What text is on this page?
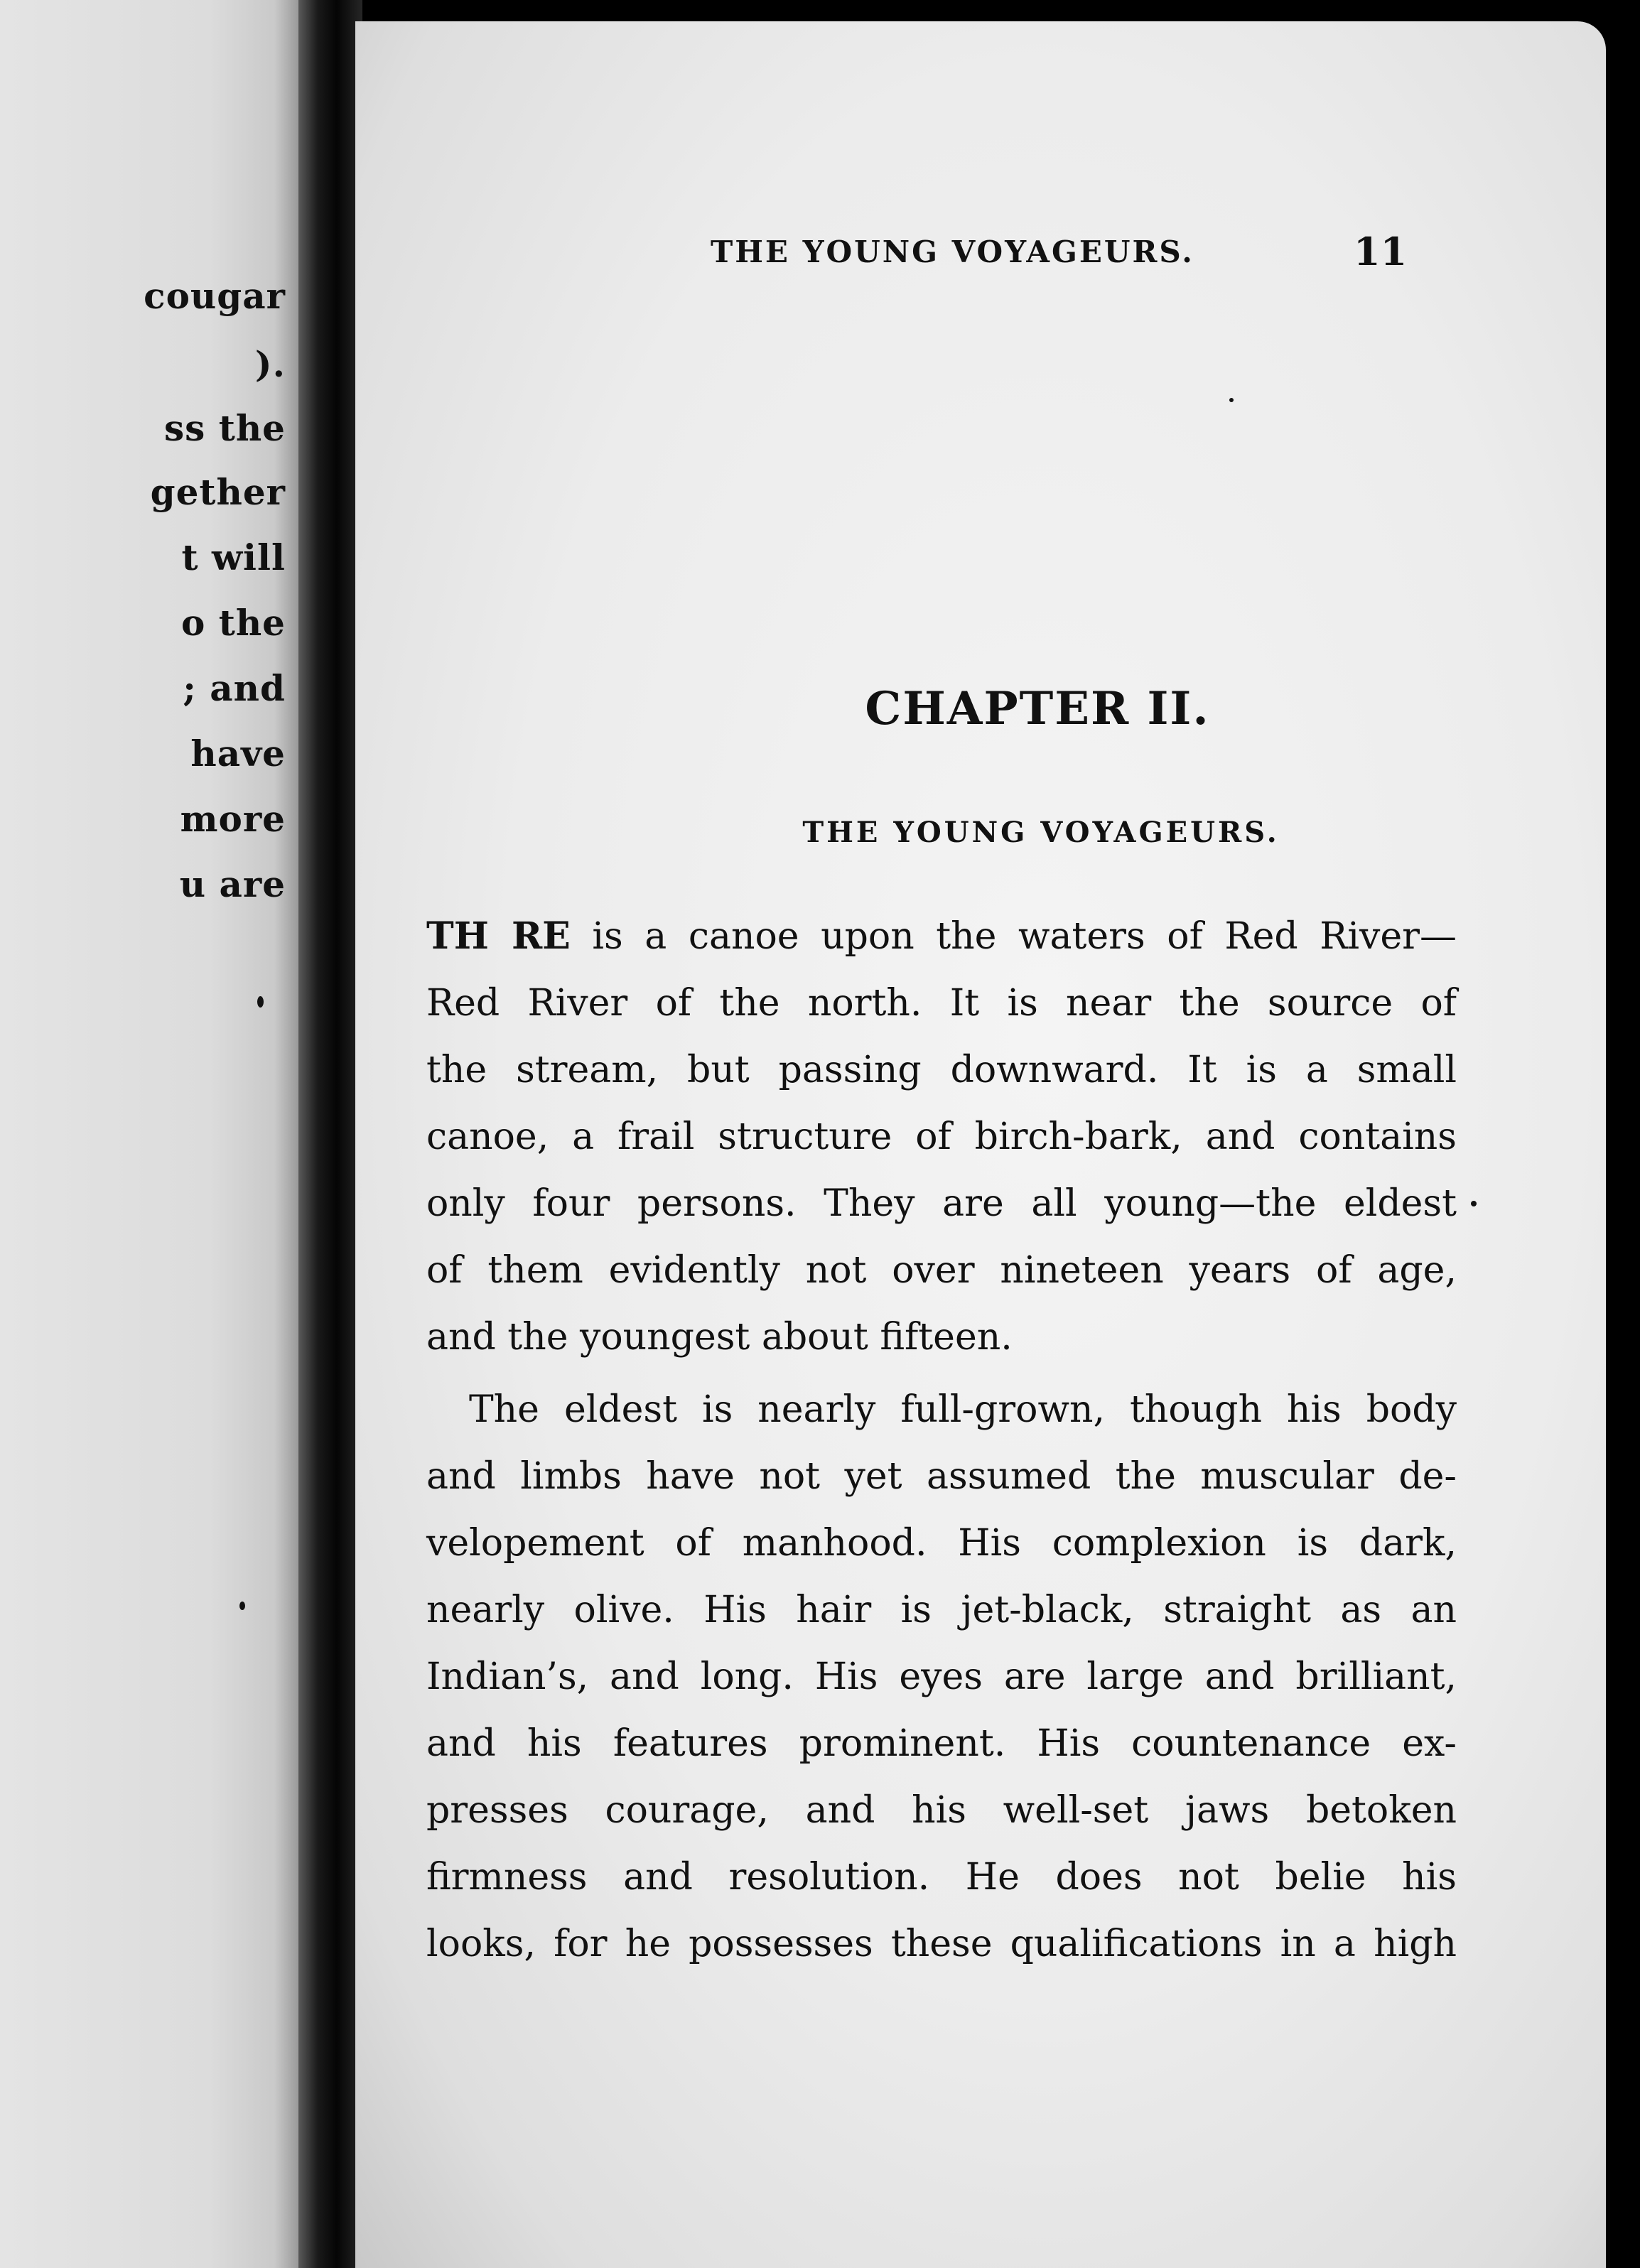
cougar
).
ss the
gether
t will
o the
; and
have
more
u are
THE YOUNG VOYAGEURS.	11
CHAPTER II.
THE YOUNG VOYAGEURS.
TH RE is a canoe upon the waters of Red River—
Red River of the north. It is near the source of
the stream, but passing downward. It is a small
canoe, a frail structure of birch-bark, and contains
only four persons. They are all young—the eldest
of them evidently not over nineteen years of age,
and the youngest about fifteen.
The eldest is nearly full-grown, though his body
and limbs have not yet assumed the muscular de-
velopement of manhood. His complexion is dark,
nearly olive. His hair is jet-black, straight as an
Indian’s, and long. His eyes are large and brilliant,
and his features prominent. His countenance ex-
presses courage, and his well-set jaws betoken
firmness and resolution. He does not belie his
looks, for he possesses these qualifications in a high
